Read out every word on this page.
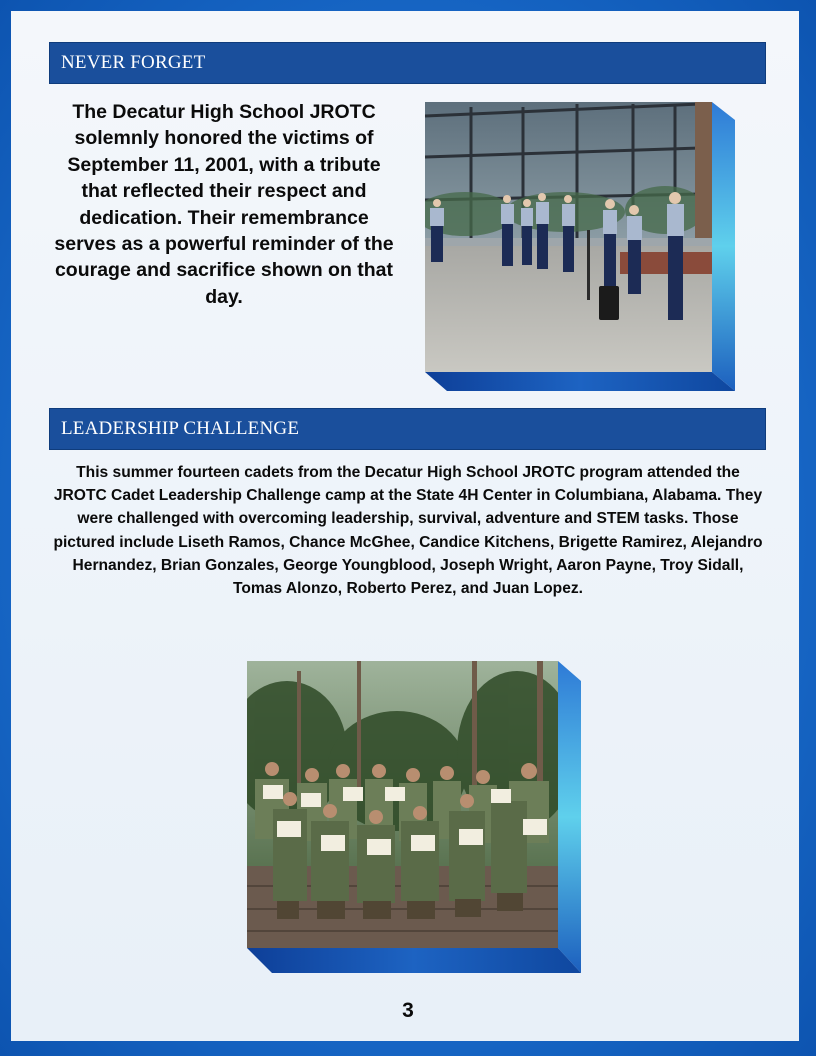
NEVER FORGET
The Decatur High School JROTC solemnly honored the victims of September 11, 2001, with a tribute that reflected their respect and dedication. Their remembrance serves as a powerful reminder of the courage and sacrifice shown on that day.
LEADERSHIP CHALLENGE
This summer fourteen cadets from the Decatur High School JROTC program attended the JROTC Cadet Leadership Challenge camp at the State 4H Center in Columbiana, Alabama. They were challenged with overcoming leadership, survival, adventure and STEM tasks. Those pictured include Liseth Ramos, Chance McGhee, Candice Kitchens, Brigette Ramirez, Alejandro Hernandez, Brian Gonzales, George Youngblood, Joseph Wright, Aaron Payne, Troy Sidall, Tomas Alonzo, Roberto Perez, and Juan Lopez.
3
